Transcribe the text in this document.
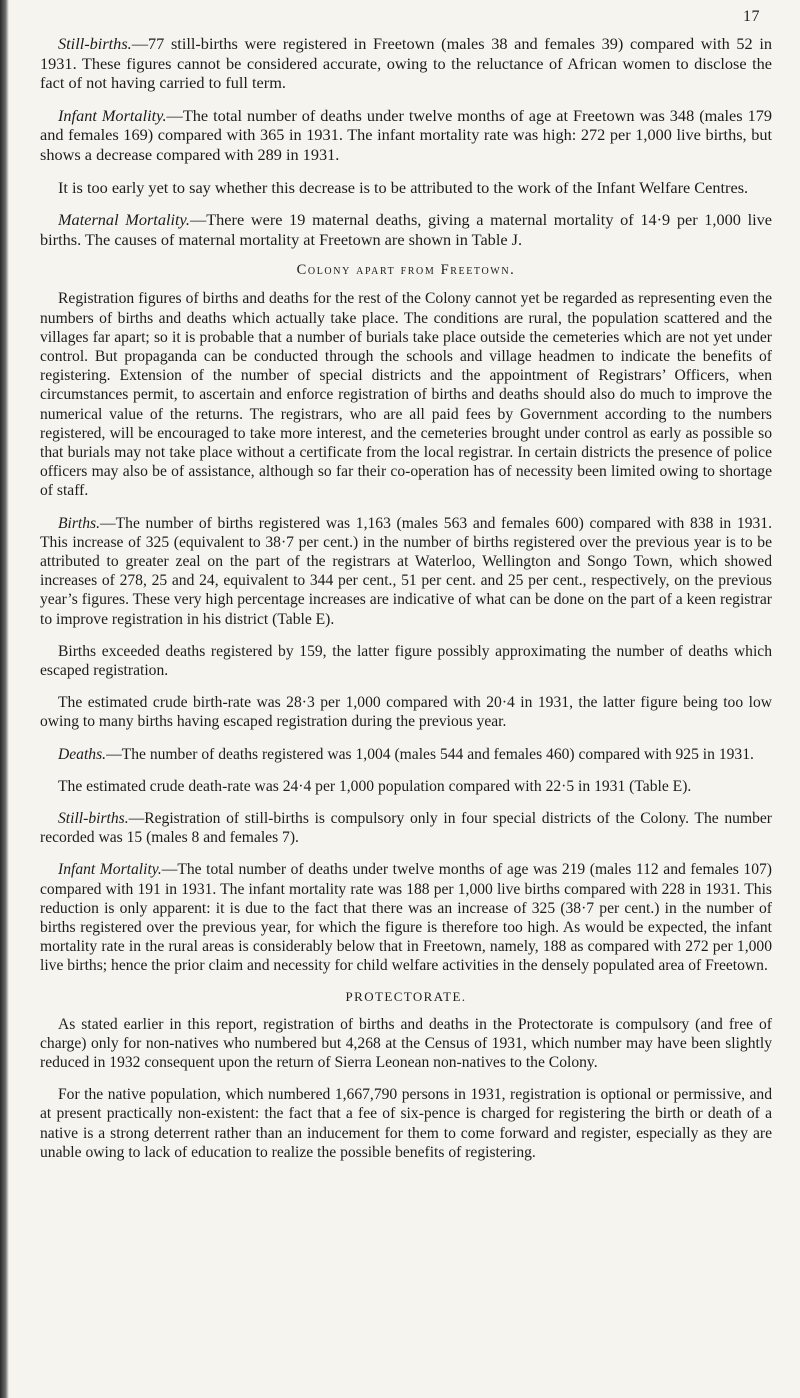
17

Still-births.—77 still-births were registered in Freetown (males 38 and females 39) compared with 52 in 1931. These figures cannot be considered accurate, owing to the reluctance of African women to disclose the fact of not having carried to full term.

Infant Mortality.—The total number of deaths under twelve months of age at Freetown was 348 (males 179 and females 169) compared with 365 in 1931. The infant mortality rate was high: 272 per 1,000 live births, but shows a decrease compared with 289 in 1931.

It is too early yet to say whether this decrease is to be attributed to the work of the Infant Welfare Centres.

Maternal Mortality.—There were 19 maternal deaths, giving a maternal mortality of 14·9 per 1,000 live births. The causes of maternal mortality at Freetown are shown in Table J.

Colony apart from Freetown.

Registration figures of births and deaths for the rest of the Colony cannot yet be regarded as representing even the numbers of births and deaths which actually take place. The conditions are rural, the population scattered and the villages far apart; so it is probable that a number of burials take place outside the cemeteries which are not yet under control. But propaganda can be conducted through the schools and village headmen to indicate the benefits of registering. Extension of the number of special districts and the appointment of Registrars’ Officers, when circumstances permit, to ascertain and enforce registration of births and deaths should also do much to improve the numerical value of the returns. The registrars, who are all paid fees by Government according to the numbers registered, will be encouraged to take more interest, and the cemeteries brought under control as early as possible so that burials may not take place without a certificate from the local registrar. In certain districts the presence of police officers may also be of assistance, although so far their co-operation has of necessity been limited owing to shortage of staff.

Births.—The number of births registered was 1,163 (males 563 and females 600) compared with 838 in 1931. This increase of 325 (equivalent to 38·7 per cent.) in the number of births registered over the previous year is to be attributed to greater zeal on the part of the registrars at Waterloo, Wellington and Songo Town, which showed increases of 278, 25 and 24, equivalent to 344 per cent., 51 per cent. and 25 per cent., respectively, on the previous year’s figures. These very high percentage increases are indicative of what can be done on the part of a keen registrar to improve registration in his district (Table E).

Births exceeded deaths registered by 159, the latter figure possibly approximating the number of deaths which escaped registration.

The estimated crude birth-rate was 28·3 per 1,000 compared with 20·4 in 1931, the latter figure being too low owing to many births having escaped registration during the previous year.

Deaths.—The number of deaths registered was 1,004 (males 544 and females 460) compared with 925 in 1931.

The estimated crude death-rate was 24·4 per 1,000 population compared with 22·5 in 1931 (Table E).

Still-births.—Registration of still-births is compulsory only in four special districts of the Colony. The number recorded was 15 (males 8 and females 7).

Infant Mortality.—The total number of deaths under twelve months of age was 219 (males 112 and females 107) compared with 191 in 1931. The infant mortality rate was 188 per 1,000 live births compared with 228 in 1931. This reduction is only apparent: it is due to the fact that there was an increase of 325 (38·7 per cent.) in the number of births registered over the previous year, for which the figure is therefore too high. As would be expected, the infant mortality rate in the rural areas is considerably below that in Freetown, namely, 188 as compared with 272 per 1,000 live births; hence the prior claim and necessity for child welfare activities in the densely populated area of Freetown.

PROTECTORATE.

As stated earlier in this report, registration of births and deaths in the Protectorate is compulsory (and free of charge) only for non-natives who numbered but 4,268 at the Census of 1931, which number may have been slightly reduced in 1932 consequent upon the return of Sierra Leonean non-natives to the Colony.

For the native population, which numbered 1,667,790 persons in 1931, registration is optional or permissive, and at present practically non-existent: the fact that a fee of six-pence is charged for registering the birth or death of a native is a strong deterrent rather than an inducement for them to come forward and register, especially as they are unable owing to lack of education to realize the possible benefits of registering.
